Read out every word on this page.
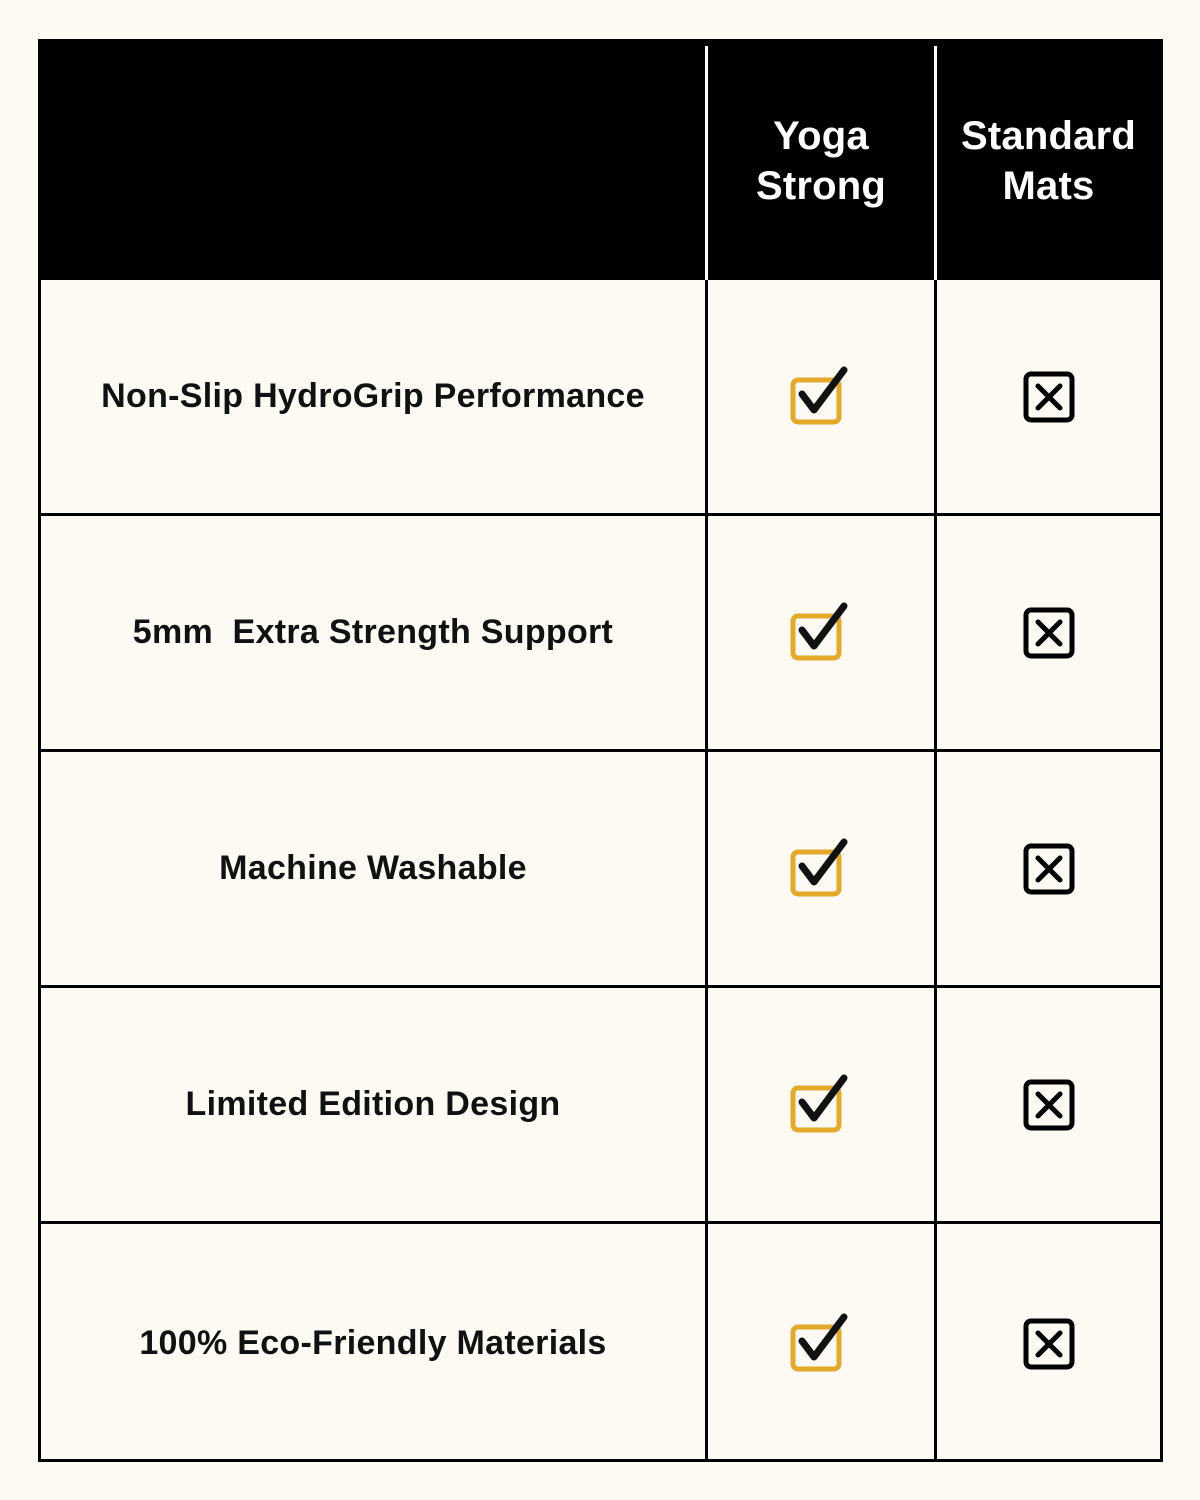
Yoga
Strong
Standard
Mats
Non-Slip HydroGrip Performance
5mm  Extra Strength Support
Machine Washable
Limited Edition Design
100% Eco-Friendly Materials
